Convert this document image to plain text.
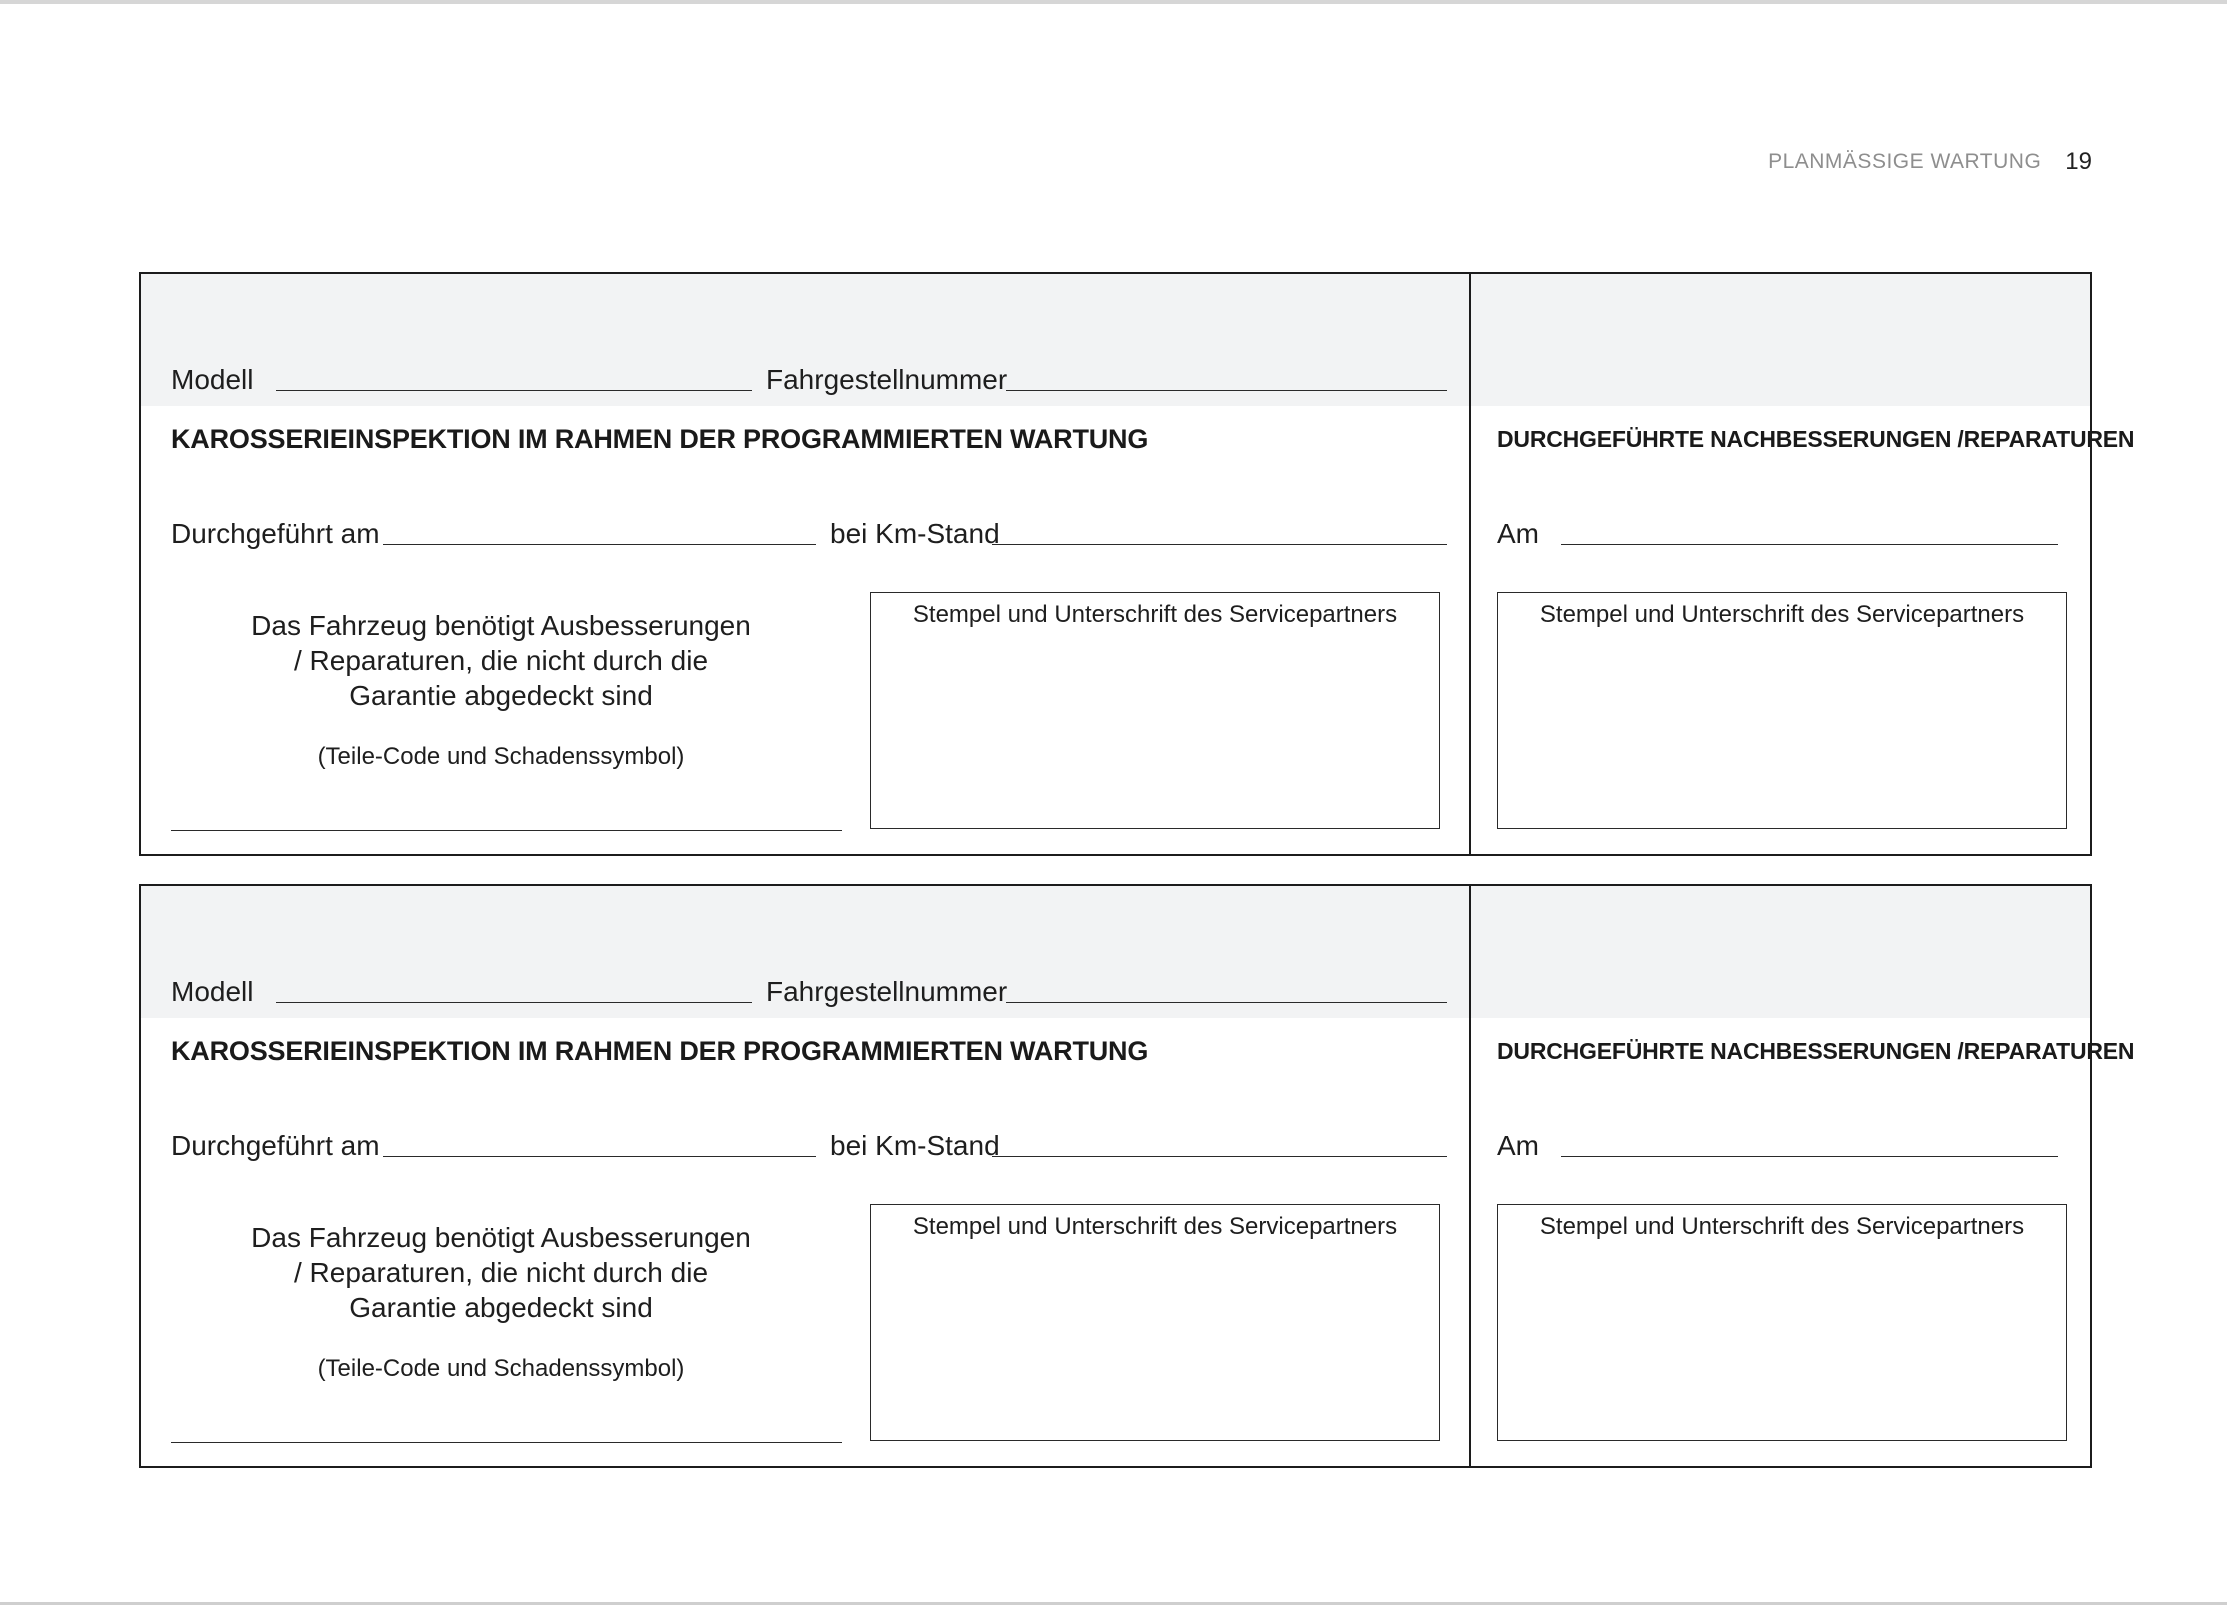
PLANMÄSSIGE WARTUNG 19
Modell	Fahrgestellnummer
KAROSSERIEINSPEKTION IM RAHMEN DER PROGRAMMIERTEN WARTUNG
Durchgeführt am	bei Km-Stand
Das Fahrzeug benötigt Ausbesserungen / Reparaturen, die nicht durch die Garantie abgedeckt sind
(Teile-Code und Schadenssymbol)
Stempel und Unterschrift des Servicepartners
DURCHGEFÜHRTE NACHBESSERUNGEN /REPARATUREN
Am
Stempel und Unterschrift des Servicepartners
Modell	Fahrgestellnummer
KAROSSERIEINSPEKTION IM RAHMEN DER PROGRAMMIERTEN WARTUNG
Durchgeführt am	bei Km-Stand
Das Fahrzeug benötigt Ausbesserungen / Reparaturen, die nicht durch die Garantie abgedeckt sind
(Teile-Code und Schadenssymbol)
Stempel und Unterschrift des Servicepartners
DURCHGEFÜHRTE NACHBESSERUNGEN /REPARATUREN
Am
Stempel und Unterschrift des Servicepartners
